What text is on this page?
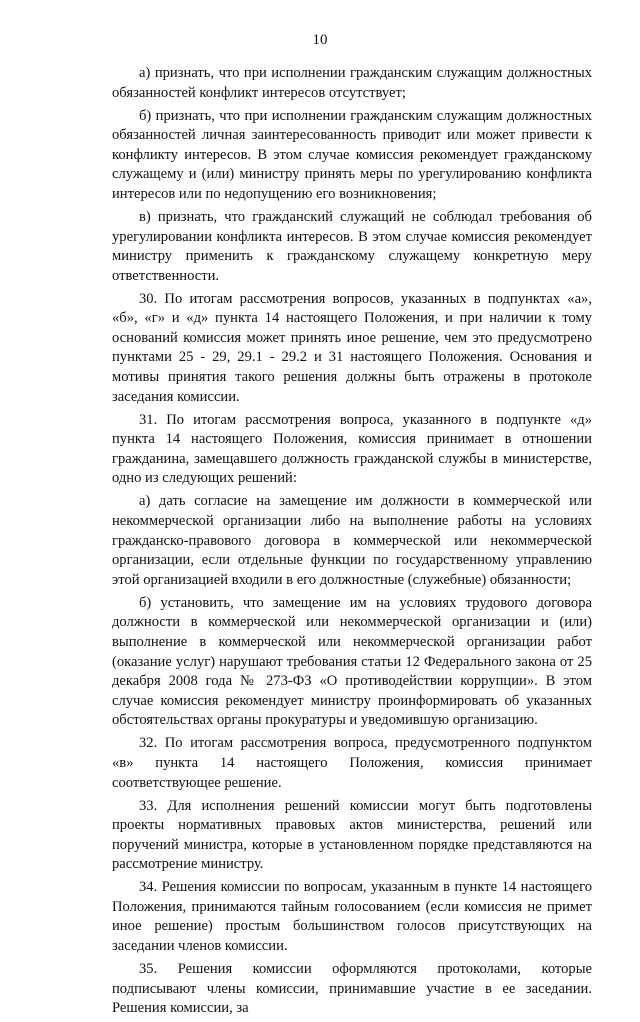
10

а) признать, что при исполнении гражданским служащим должностных обязанностей конфликт интересов отсутствует;

б) признать, что при исполнении гражданским служащим должностных обязанностей личная заинтересованность приводит или может привести к конфликту интересов. В этом случае комиссия рекомендует гражданскому служащему и (или) министру принять меры по урегулированию конфликта интересов или по недопущению его возникновения;

в) признать, что гражданский служащий не соблюдал требования об урегулировании конфликта интересов. В этом случае комиссия рекомендует министру применить к гражданскому служащему конкретную меру ответственности.

30. По итогам рассмотрения вопросов, указанных в подпунктах «а», «б», «г» и «д» пункта 14 настоящего Положения, и при наличии к тому оснований комиссия может принять иное решение, чем это предусмотрено пунктами 25 - 29, 29.1 - 29.2 и 31 настоящего Положения. Основания и мотивы принятия такого решения должны быть отражены в протоколе заседания комиссии.

31. По итогам рассмотрения вопроса, указанного в подпункте «д» пункта 14 настоящего Положения, комиссия принимает в отношении гражданина, замещавшего должность гражданской службы в министерстве, одно из следующих решений:

а) дать согласие на замещение им должности в коммерческой или некоммерческой организации либо на выполнение работы на условиях гражданско-правового договора в коммерческой или некоммерческой организации, если отдельные функции по государственному управлению этой организацией входили в его должностные (служебные) обязанности;

б) установить, что замещение им на условиях трудового договора должности в коммерческой или некоммерческой организации и (или) выполнение в коммерческой или некоммерческой организации работ (оказание услуг) нарушают требования статьи 12 Федерального закона от 25 декабря 2008 года № 273-ФЗ «О противодействии коррупции». В этом случае комиссия рекомендует министру проинформировать об указанных обстоятельствах органы прокуратуры и уведомившую организацию.

32. По итогам рассмотрения вопроса, предусмотренного подпунктом «в» пункта 14 настоящего Положения, комиссия принимает соответствующее решение.

33. Для исполнения решений комиссии могут быть подготовлены проекты нормативных правовых актов министерства, решений или поручений министра, которые в установленном порядке представляются на рассмотрение министру.

34. Решения комиссии по вопросам, указанным в пункте 14 настоящего Положения, принимаются тайным голосованием (если комиссия не примет иное решение) простым большинством голосов присутствующих на заседании членов комиссии.

35. Решения комиссии оформляются протоколами, которые подписывают члены комиссии, принимавшие участие в ее заседании. Решения комиссии, за
